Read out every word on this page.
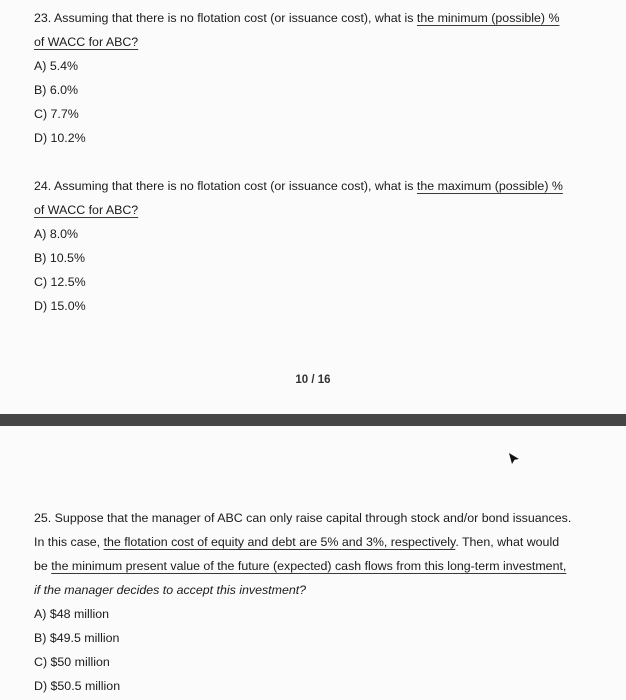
23. Assuming that there is no flotation cost (or issuance cost), what is the minimum (possible) %
of WACC for ABC?
A) 5.4%
B) 6.0%
C) 7.7%
D) 10.2%
24. Assuming that there is no flotation cost (or issuance cost), what is the maximum (possible) %
of WACC for ABC?
A) 8.0%
B) 10.5%
C) 12.5%
D) 15.0%
10 / 16
25. Suppose that the manager of ABC can only raise capital through stock and/or bond issuances.
In this case, the flotation cost of equity and debt are 5% and 3%, respectively. Then, what would
be the minimum present value of the future (expected) cash flows from this long-term investment,
if the manager decides to accept this investment?
A) $48 million
B) $49.5 million
C) $50 million
D) $50.5 million
